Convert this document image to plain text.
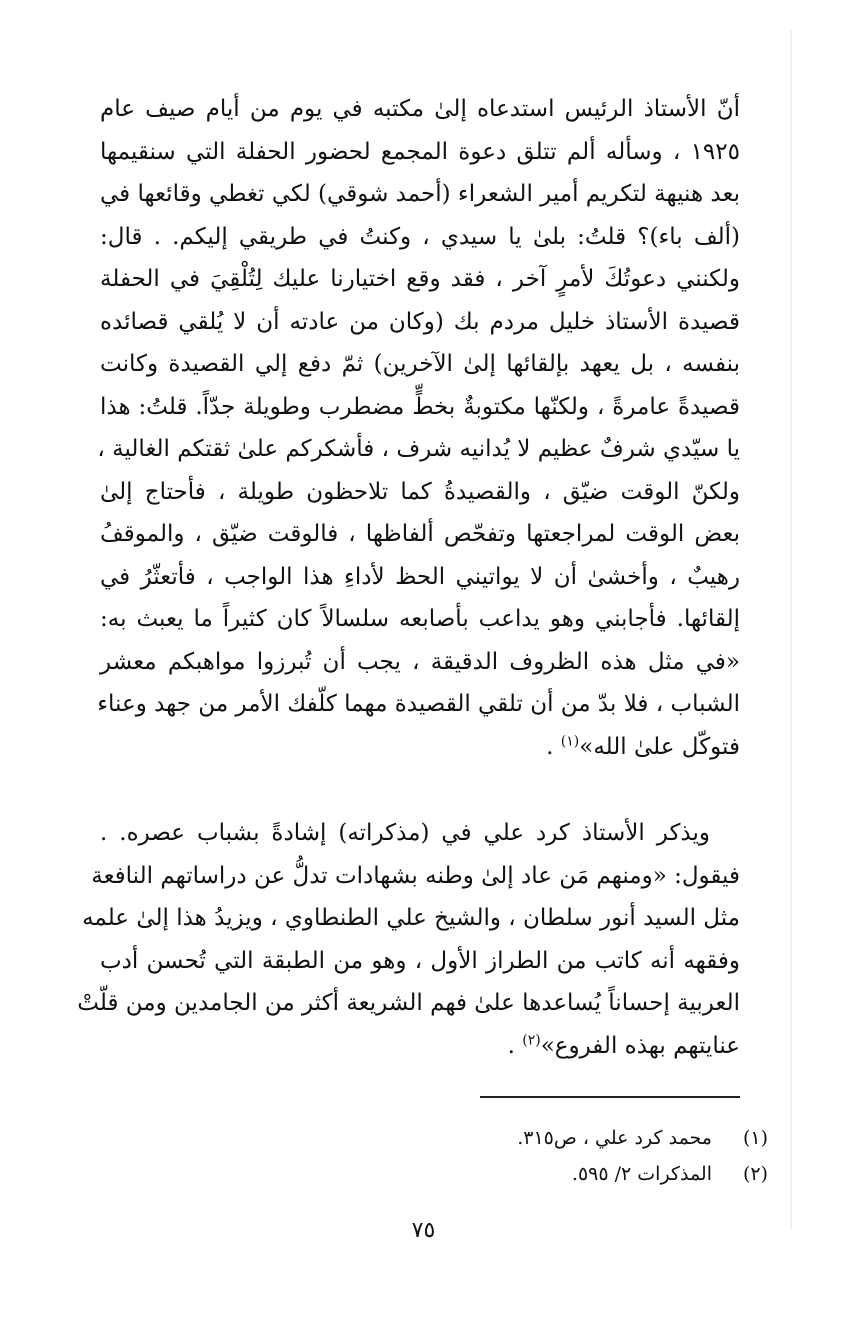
أنّ الأستاذ الرئيس استدعاه إلىٰ مكتبه في يوم من أيام صيف عام
١٩٢٥ ، وسأله ألم تتلق دعوة المجمع لحضور الحفلة التي سنقيمها
بعد هنيهة لتكريم أمير الشعراء (أحمد شوقي) لكي تغطي وقائعها في
(ألف باء)؟ قلتُ: بلىٰ يا سيدي ، وكنتُ في طريقي إليكم. . قال:
ولكنني دعوتُكَ لأمرٍ آخر ، فقد وقع اختيارنا عليك لِتُلْقِيَ في الحفلة
قصيدة الأستاذ خليل مردم بك (وكان من عادته أن لا يُلقي قصائده
بنفسه ، بل يعهد بإلقائها إلىٰ الآخرين) ثمّ دفع إلي القصيدة وكانت
قصيدةً عامرةً ، ولكنّها مكتوبةٌ بخطٍّ مضطرب وطويلة جدّاً. قلتُ: هذا
يا سيّدي شرفٌ عظيم لا يُدانيه شرف ، فأشكركم علىٰ ثقتكم الغالية ،
ولكنّ الوقت ضيّق ، والقصيدةُ كما تلاحظون طويلة ، فأحتاج إلىٰ
بعض الوقت لمراجعتها وتفحّص ألفاظها ، فالوقت ضيّق ، والموقفُ
رهيبٌ ، وأخشىٰ أن لا يواتيني الحظ لأداءِ هذا الواجب ، فأتعثّرُ في
إلقائها. فأجابني وهو يداعب بأصابعه سلسالاً كان كثيراً ما يعبث به:
«في مثل هذه الظروف الدقيقة ، يجب أن تُبرزوا مواهبكم معشر
الشباب ، فلا بدّ من أن تلقي القصيدة مهما كلّفك الأمر من جهد وعناء
فتوكّل علىٰ الله»$^{(١)}$ .
ويذكر الأستاذ كرد علي في (مذكراته) إشادةً بشباب عصره. .
فيقول: «ومنهم مَن عاد إلىٰ وطنه بشهادات تدلُّ عن دراساتهم النافعة
مثل السيد أنور سلطان ، والشيخ علي الطنطاوي ، ويزيدُ هذا إلىٰ علمه
وفقهه أنه كاتب من الطراز الأول ، وهو من الطبقة التي تُحسن أدب
العربية إحساناً يُساعدها علىٰ فهم الشريعة أكثر من الجامدين ومن قلّتْ
عنايتهم بهذه الفروع»$^{(٢)}$ .
(١)محمد كرد علي ، ص٣١٥.
(٢)المذكرات ٢/ ٥٩٥.
٧٥
